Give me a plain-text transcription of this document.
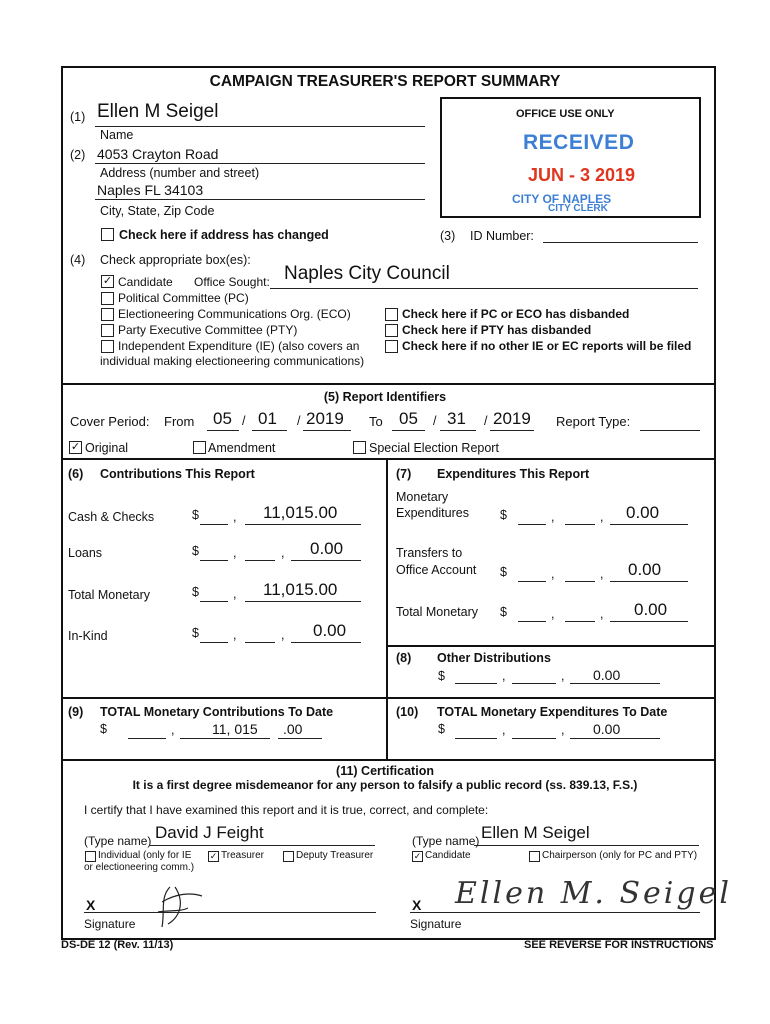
CAMPAIGN TREASURER'S REPORT SUMMARY
(1) Ellen M Seigel
Name
(2) 4053 Crayton Road
Address (number and street)
Naples FL 34103
City, State, Zip Code
Check here if address has changed
OFFICE USE ONLY
RECEIVED
JUN - 3 2019
CITY OF NAPLES
CITY CLERK
(3) ID Number:
(4) Check appropriate box(es):
✓ Candidate Office Sought: Naples City Council
Political Committee (PC)
Electioneering Communications Org. (ECO)
Party Executive Committee (PTY)
Independent Expenditure (IE) (also covers an
individual making electioneering communications)
Check here if PC or ECO has disbanded
Check here if PTY has disbanded
Check here if no other IE or EC reports will be filed
(5) Report Identifiers
Cover Period: From 05 / 01 / 2019 To 05 / 31 / 2019 Report Type:
✓ Original	Amendment	Special Election Report
(6) Contributions This Report
Cash & Checks	$	, 11,015.00
Loans	$	,	, 0.00
Total Monetary	$	, 11,015.00
In-Kind	$	,	, 0.00
(7) Expenditures This Report
Monetary
Expenditures $	,	, 0.00
Transfers to
Office Account $	,	, 0.00
Total Monetary $	,	, 0.00
(8) Other Distributions
$	,	, 0.00
(9) TOTAL Monetary Contributions To Date
$	,	11, 015 .00
(10) TOTAL Monetary Expenditures To Date
$	,	, 0.00
(11) Certification
It is a first degree misdemeanor for any person to falsify a public record (ss. 839.13, F.S.)
I certify that I have examined this report and it is true, correct, and complete:
(Type name) David J Feight	(Type name) Ellen M Seigel
Individual (only for IE
or electioneering comm.)
✓ Treasurer	Deputy Treasurer	✓ Candidate	Chairperson (only for PC and PTY)
X
Signature
X Ellen M. Seigel
Signature
DS-DE 12 (Rev. 11/13)	SEE REVERSE FOR INSTRUCTIONS
